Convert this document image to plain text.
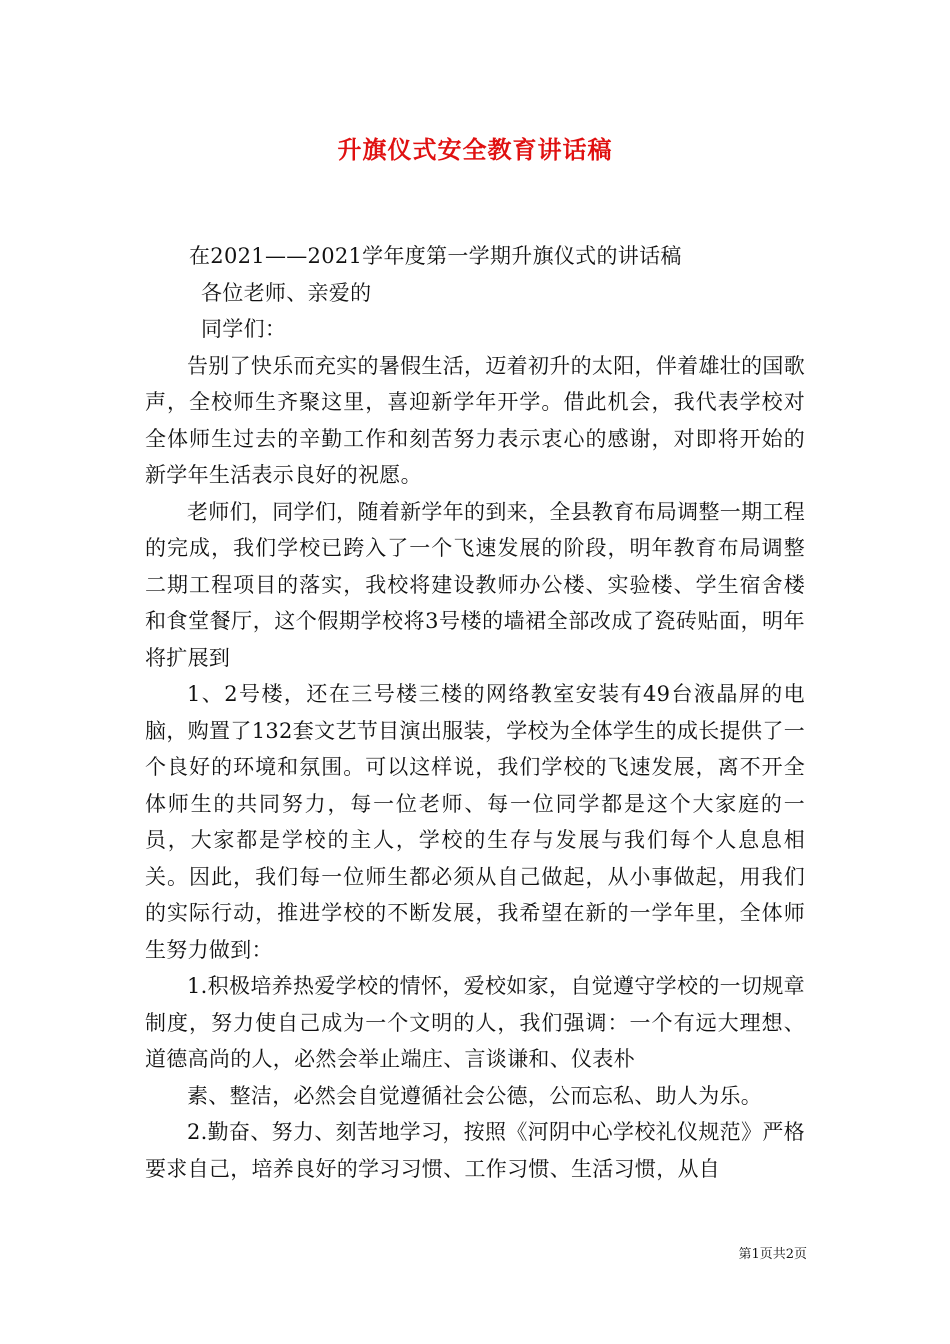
升旗仪式安全教育讲话稿

在2021——2021学年度第一学期升旗仪式的讲话稿

各位老师、亲爱的

同学们：

告别了快乐而充实的暑假生活，迈着初升的太阳，伴着雄壮的国歌声，全校师生齐聚这里，喜迎新学年开学。借此机会，我代表学校对全体师生过去的辛勤工作和刻苦努力表示衷心的感谢，对即将开始的新学年生活表示良好的祝愿。

老师们，同学们，随着新学年的到来，全县教育布局调整一期工程的完成，我们学校已跨入了一个飞速发展的阶段，明年教育布局调整二期工程项目的落实，我校将建设教师办公楼、实验楼、学生宿舍楼和食堂餐厅，这个假期学校将3号楼的墙裙全部改成了瓷砖贴面，明年将扩展到

1、2号楼，还在三号楼三楼的网络教室安装有49台液晶屏的电脑，购置了132套文艺节目演出服装，学校为全体学生的成长提供了一个良好的环境和氛围。可以这样说，我们学校的飞速发展，离不开全体师生的共同努力，每一位老师、每一位同学都是这个大家庭的一员，大家都是学校的主人，学校的生存与发展与我们每个人息息相关。因此，我们每一位师生都必须从自己做起，从小事做起，用我们的实际行动，推进学校的不断发展，我希望在新的一学年里，全体师生努力做到：

1.积极培养热爱学校的情怀，爱校如家，自觉遵守学校的一切规章制度，努力使自己成为一个文明的人，我们强调：一个有远大理想、道德高尚的人，必然会举止端庄、言谈谦和、仪表朴

素、整洁，必然会自觉遵循社会公德，公而忘私、助人为乐。

2.勤奋、努力、刻苦地学习，按照《河阴中心学校礼仪规范》严格要求自己，培养良好的学习习惯、工作习惯、生活习惯，从自

第1页共2页
